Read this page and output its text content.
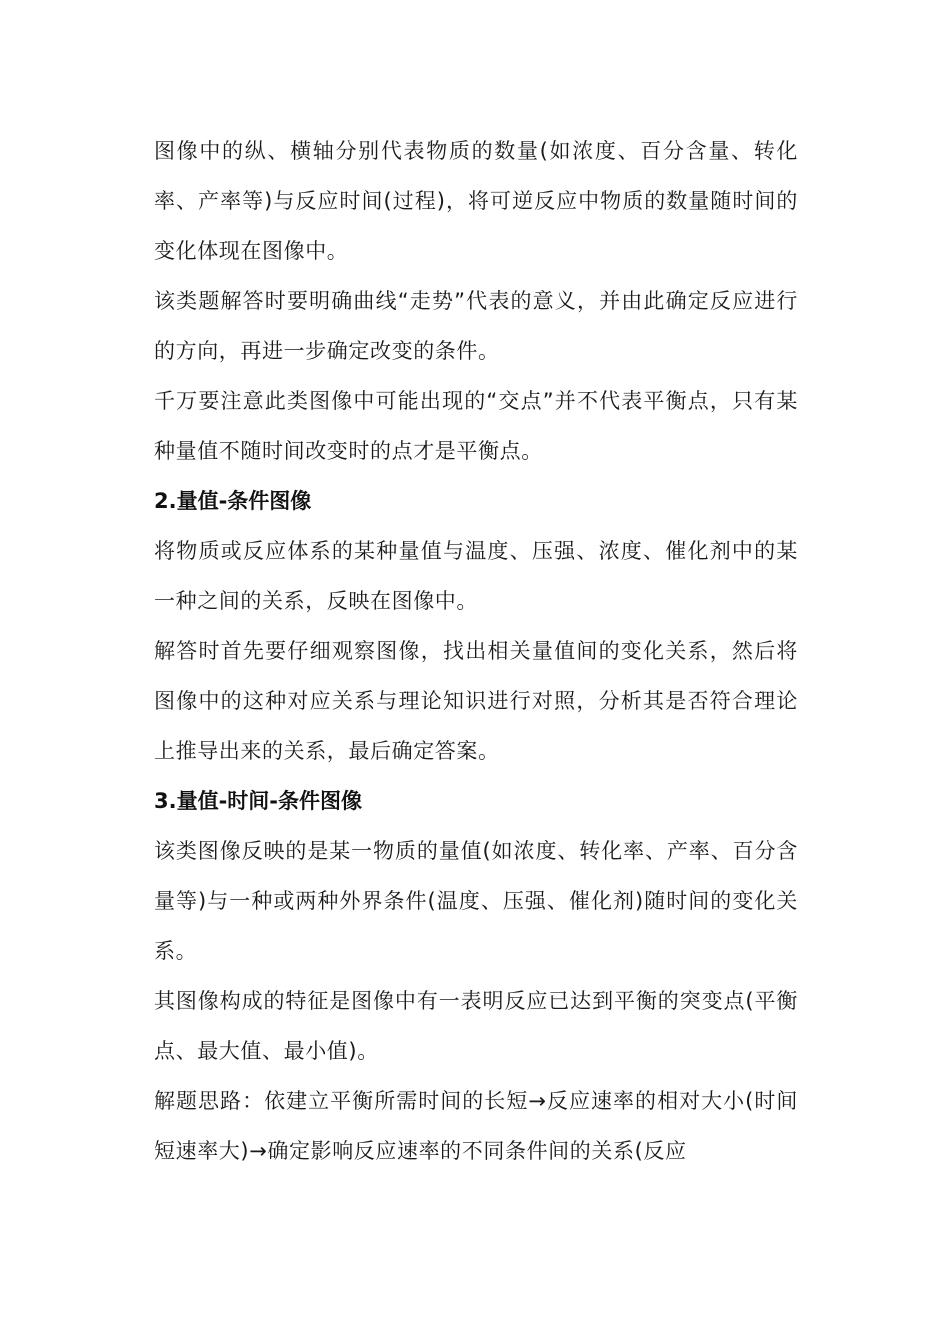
图像中的纵、横轴分别代表物质的数量(如浓度、百分含量、转化率、产率等)与反应时间(过程)，将可逆反应中物质的数量随时间的变化体现在图像中。

该类题解答时要明确曲线“走势”代表的意义，并由此确定反应进行的方向，再进一步确定改变的条件。

千万要注意此类图像中可能出现的“交点”并不代表平衡点，只有某种量值不随时间改变时的点才是平衡点。

2.量值-条件图像

将物质或反应体系的某种量值与温度、压强、浓度、催化剂中的某一种之间的关系，反映在图像中。

解答时首先要仔细观察图像，找出相关量值间的变化关系，然后将图像中的这种对应关系与理论知识进行对照，分析其是否符合理论上推导出来的关系，最后确定答案。

3.量值-时间-条件图像

该类图像反映的是某一物质的量值(如浓度、转化率、产率、百分含量等)与一种或两种外界条件(温度、压强、催化剂)随时间的变化关系。

其图像构成的特征是图像中有一表明反应已达到平衡的突变点(平衡点、最大值、最小值)。

解题思路：依建立平衡所需时间的长短→反应速率的相对大小(时间短速率大)→确定影响反应速率的不同条件间的关系(反应
